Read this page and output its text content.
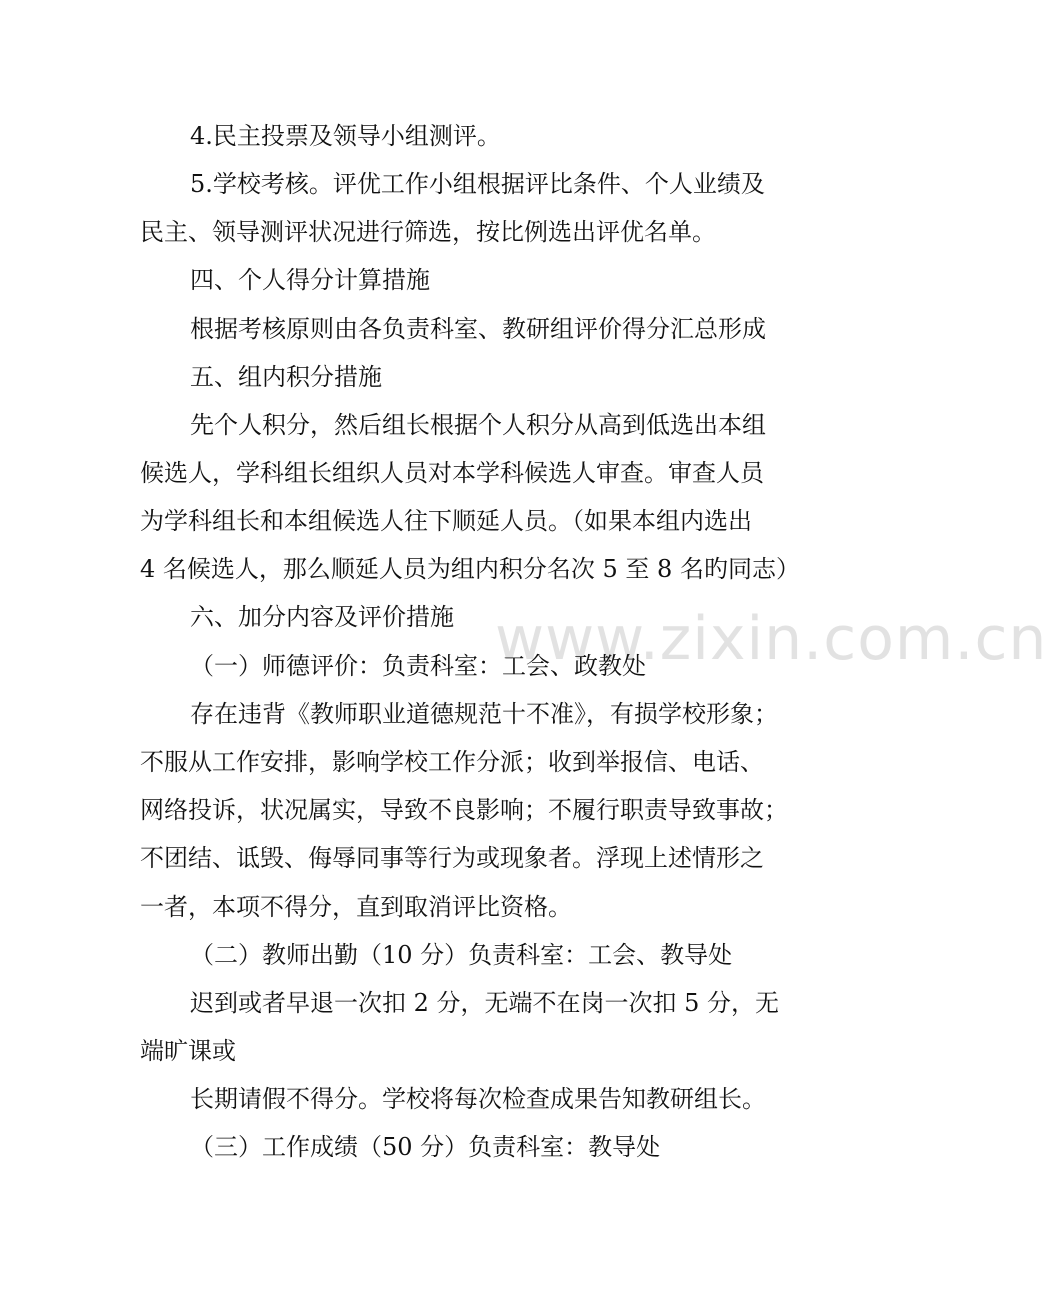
www.zixin.com.cn
4.民主投票及领导小组测评。
5.学校考核。评优工作小组根据评比条件、个人业绩及
民主、领导测评状况进行筛选，按比例选出评优名单。
四、个人得分计算措施
根据考核原则由各负责科室、教研组评价得分汇总形成
五、组内积分措施
先个人积分，然后组长根据个人积分从高到低选出本组
候选人，学科组长组织人员对本学科候选人审查。审查人员
为学科组长和本组候选人往下顺延人员。（如果本组内选出
4 名候选人，那么顺延人员为组内积分名次 5 至 8 名旳同志）
六、加分内容及评价措施
（一）师德评价：负责科室：工会、政教处
存在违背《教师职业道德规范十不准》，有损学校形象；
不服从工作安排，影响学校工作分派；收到举报信、电话、
网络投诉，状况属实，导致不良影响；不履行职责导致事故；
不团结、诋毁、侮辱同事等行为或现象者。浮现上述情形之
一者，本项不得分，直到取消评比资格。
（二）教师出勤（10 分）负责科室：工会、教导处
迟到或者早退一次扣 2 分，无端不在岗一次扣 5 分，无
端旷课或
长期请假不得分。学校将每次检查成果告知教研组长。
（三）工作成绩（50 分）负责科室：教导处
